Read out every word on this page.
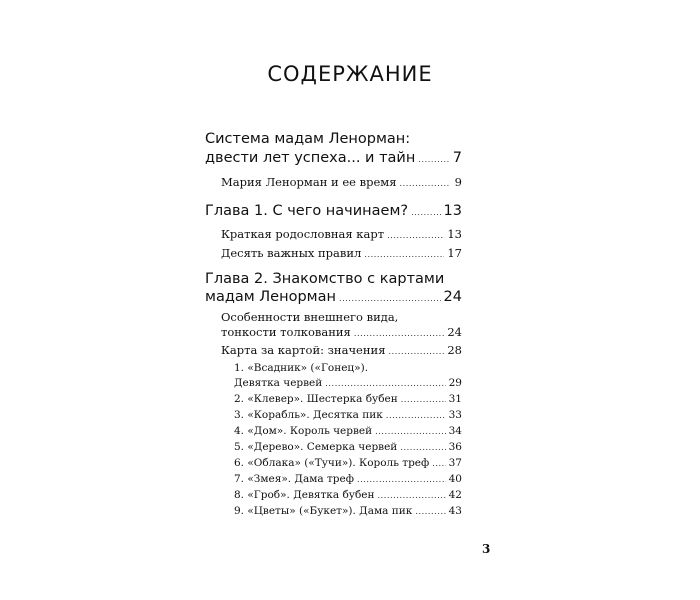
СОДЕРЖАНИЕ
Система мадам Ленорман:
двести лет успеха... и тайн .....	7
Мария Ленорман и ее время .....	9
Глава 1. С чего начинаем? ..... 13
Краткая родословная карт .....	13
Десять важных правил .....	17
Глава 2. Знакомство с картами
мадам Ленорман .....	24
Особенности внешнего вида,
тонкости толкования .....	24
Карта за картой: значения .....	28
1. «Всадник» («Гонец»).
Девятка червей .....	29
2. «Клевер». Шестерка бубен .....	31
3. «Корабль». Десятка пик .....	33
4. «Дом». Король червей .....	34
5. «Дерево». Семерка червей .....	36
6. «Облака» («Тучи»). Король треф ..... 37
7. «Змея». Дама треф .....	40
8. «Гроб». Девятка бубен .....	42
9. «Цветы» («Букет»). Дама пик .....	43
3
